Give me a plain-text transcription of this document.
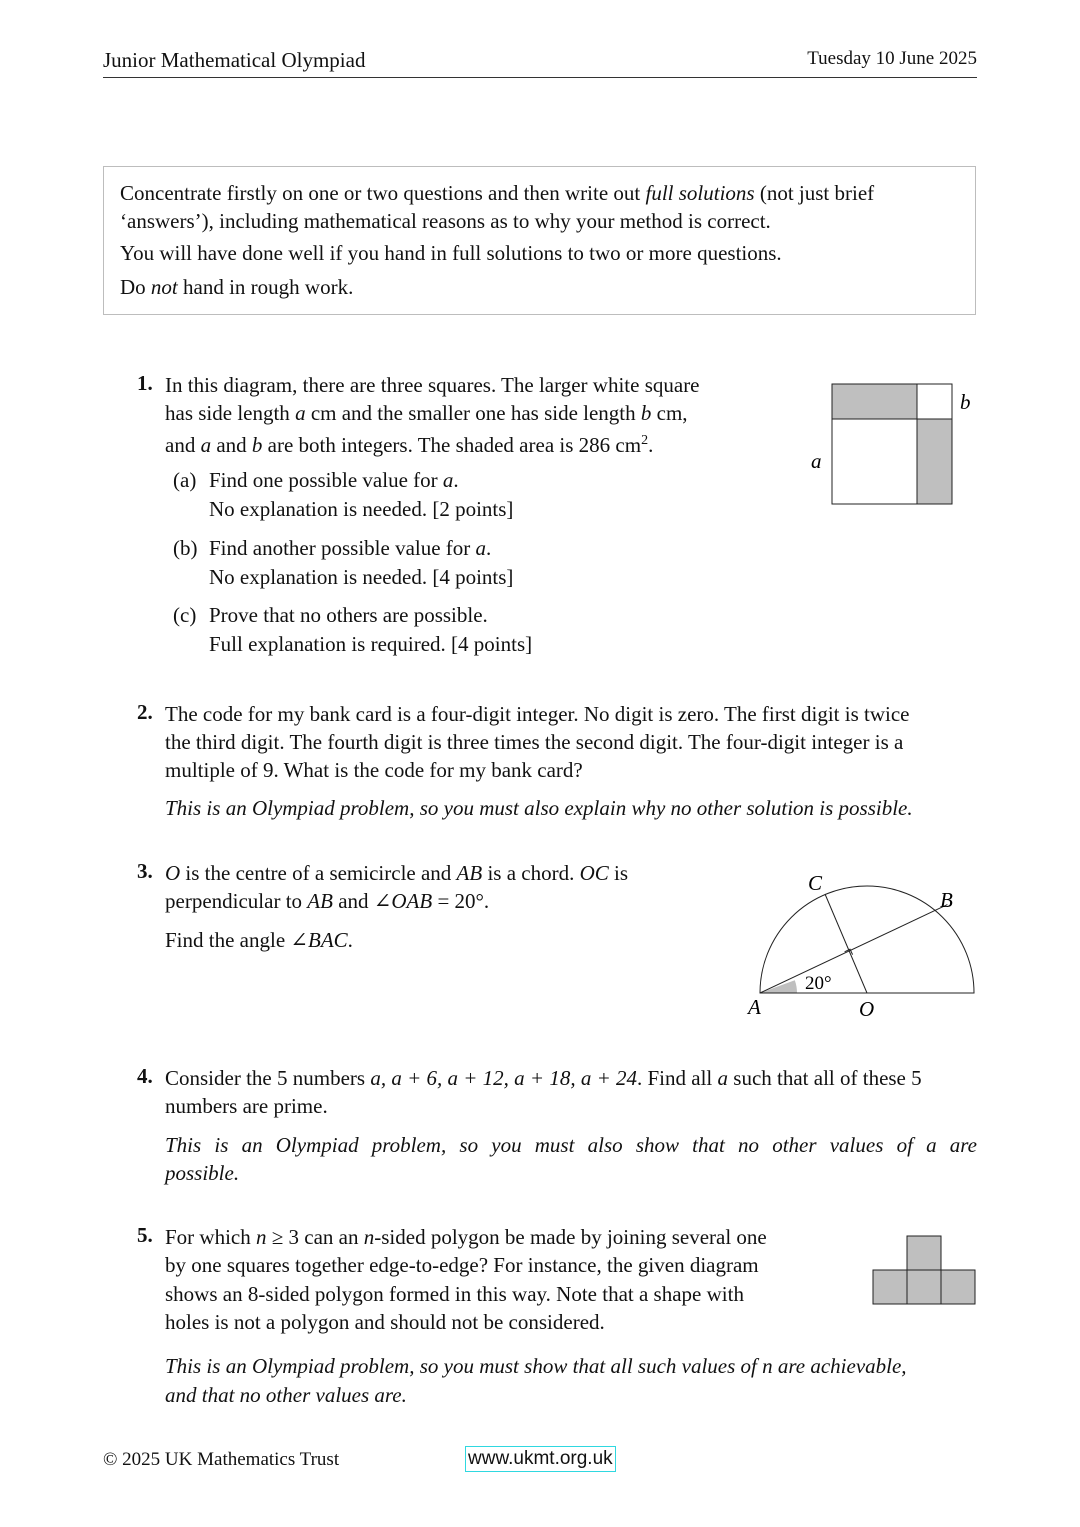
Junior Mathematical Olympiad	Tuesday 10 June 2025

Concentrate firstly on one or two questions and then write out full solutions (not just brief ‘answers’), including mathematical reasons as to why your method is correct.

You will have done well if you hand in full solutions to two or more questions.

Do not hand in rough work.

1. In this diagram, there are three squares. The larger white square
has side length a cm and the smaller one has side length b cm,
and a and b are both integers. The shaded area is 286 $cm^2$.
(a) Find one possible value for a.
No explanation is needed. [2 points]
(b) Find another possible value for a.
No explanation is needed. [4 points]
(c) Prove that no others are possible.
Full explanation is required. [4 points]
b
a
2. The code for my bank card is a four-digit integer. No digit is zero. The first digit is twice
the third digit. The fourth digit is three times the second digit. The four-digit integer is a
multiple of 9. What is the code for my bank card?
This is an Olympiad problem, so you must also explain why no other solution is possible.
3. O is the centre of a semicircle and AB is a chord. OC is
perpendicular to AB and ∠OAB = 20°.
Find the angle ∠BAC.
20°
C
B
A	O
4. Consider the 5 numbers a, a + 6, a + 12, a + 18, a + 24. Find all a such that all of these 5
numbers are prime.
This is an Olympiad problem, so you must also show that no other values of a are
possible.
5. For which n ≥ 3 can an n-sided polygon be made by joining several one
by one squares together edge-to-edge? For instance, the given diagram
shows an 8-sided polygon formed in this way. Note that a shape with
holes is not a polygon and should not be considered.
This is an Olympiad problem, so you must show that all such values of n are achievable,
and that no other values are.
© 2025 UK Mathematics Trust	www.ukmt.org.uk
